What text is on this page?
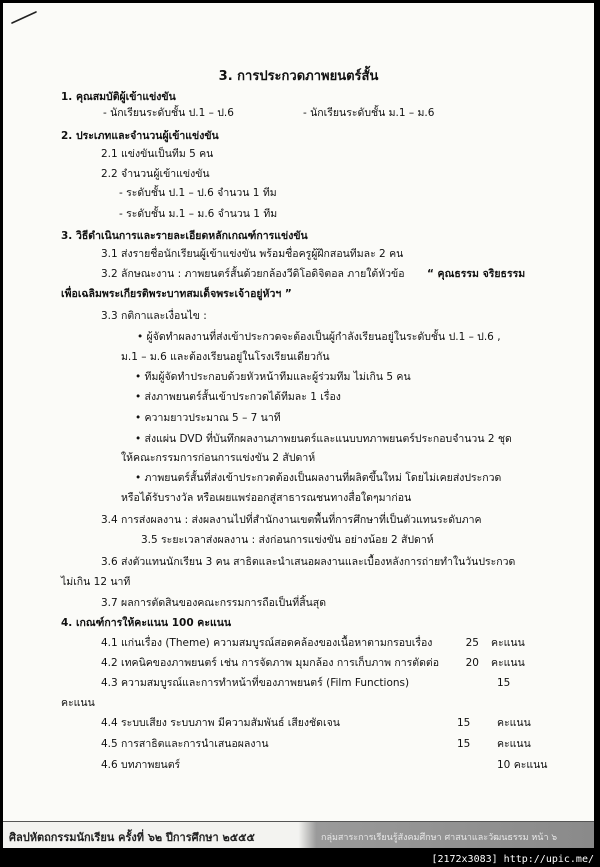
3. การประกวดภาพยนตร์สั้น
1. คุณสมบัติผู้เข้าแข่งขัน
- นักเรียนระดับชั้น ป.1 – ป.6	- นักเรียนระดับชั้น ม.1 – ม.6
2. ประเภทและจำนวนผู้เข้าแข่งขัน
2.1 แข่งขันเป็นทีม 5 คน
2.2 จำนวนผู้เข้าแข่งขัน
- ระดับชั้น ป.1 – ป.6 จำนวน 1 ทีม
- ระดับชั้น ม.1 – ม.6 จำนวน 1 ทีม
3. วิธีดำเนินการและรายละเอียดหลักเกณฑ์การแข่งขัน
3.1 ส่งรายชื่อนักเรียนผู้เข้าแข่งขัน พร้อมชื่อครูผู้ฝึกสอนทีมละ 2 คน
3.2 ลักษณะงาน : ภาพยนตร์สั้นด้วยกล้องวีดิโอดิจิตอล ภายใต้หัวข้อ “ คุณธรรม จริยธรรม
เพื่อเฉลิมพระเกียรติพระบาทสมเด็จพระเจ้าอยู่หัวฯ ”
3.3 กติกาและเงื่อนไข :
• ผู้จัดทำผลงานที่ส่งเข้าประกวดจะต้องเป็นผู้กำลังเรียนอยู่ในระดับชั้น ป.1 – ป.6 ,
ม.1 – ม.6 และต้องเรียนอยู่ในโรงเรียนเดียวกัน
• ทีมผู้จัดทำประกอบด้วยหัวหน้าทีมและผู้ร่วมทีม ไม่เกิน 5 คน
• ส่งภาพยนตร์สั้นเข้าประกวดได้ทีมละ 1 เรื่อง
• ความยาวประมาณ 5 – 7 นาที
• ส่งแผ่น DVD ที่บันทึกผลงานภาพยนตร์และแนบบทภาพยนตร์ประกอบจำนวน 2 ชุด
ให้คณะกรรมการก่อนการแข่งขัน 2 สัปดาห์
• ภาพยนตร์สั้นที่ส่งเข้าประกวดต้องเป็นผลงานที่ผลิตขึ้นใหม่ โดยไม่เคยส่งประกวด
หรือได้รับรางวัล หรือเผยแพร่ออกสู่สาธารณชนทางสื่อใดๆมาก่อน
3.4 การส่งผลงาน : ส่งผลงานไปที่สำนักงานเขตพื้นที่การศึกษาที่เป็นตัวแทนระดับภาค
3.5 ระยะเวลาส่งผลงาน : ส่งก่อนการแข่งขัน อย่างน้อย 2 สัปดาห์
3.6 ส่งตัวแทนนักเรียน 3 คน สาธิตและนำเสนอผลงานและเบื้องหลังการถ่ายทำในวันประกวด
ไม่เกิน 12 นาที
3.7 ผลการตัดสินของคณะกรรมการถือเป็นที่สิ้นสุด
4. เกณฑ์การให้คะแนน 100 คะแนน
4.1 แก่นเรื่อง (Theme) ความสมบูรณ์สอดคล้องของเนื้อหาตามกรอบเรื่อง	25 คะแนน
4.2 เทคนิคของภาพยนตร์ เช่น การจัดภาพ มุมกล้อง การเก็บภาพ การตัดต่อ	20 คะแนน
4.3 ความสมบูรณ์และการทำหน้าที่ของภาพยนตร์ (Film Functions)	15
คะแนน
4.4 ระบบเสียง ระบบภาพ มีความสัมพันธ์ เสียงชัดเจน	15	คะแนน
4.5 การสาธิตและการนำเสนอผลงาน	15	คะแนน
4.6 บทภาพยนตร์	10 คะแนน
ศิลปหัตถกรรมนักเรียน ครั้งที่ ๖๒ ปีการศึกษา ๒๕๕๕	กลุ่มสาระการเรียนรู้สังคมศึกษา ศาสนาและวัฒนธรรม หน้า ๖
[2172x3083] http://upic.me/
